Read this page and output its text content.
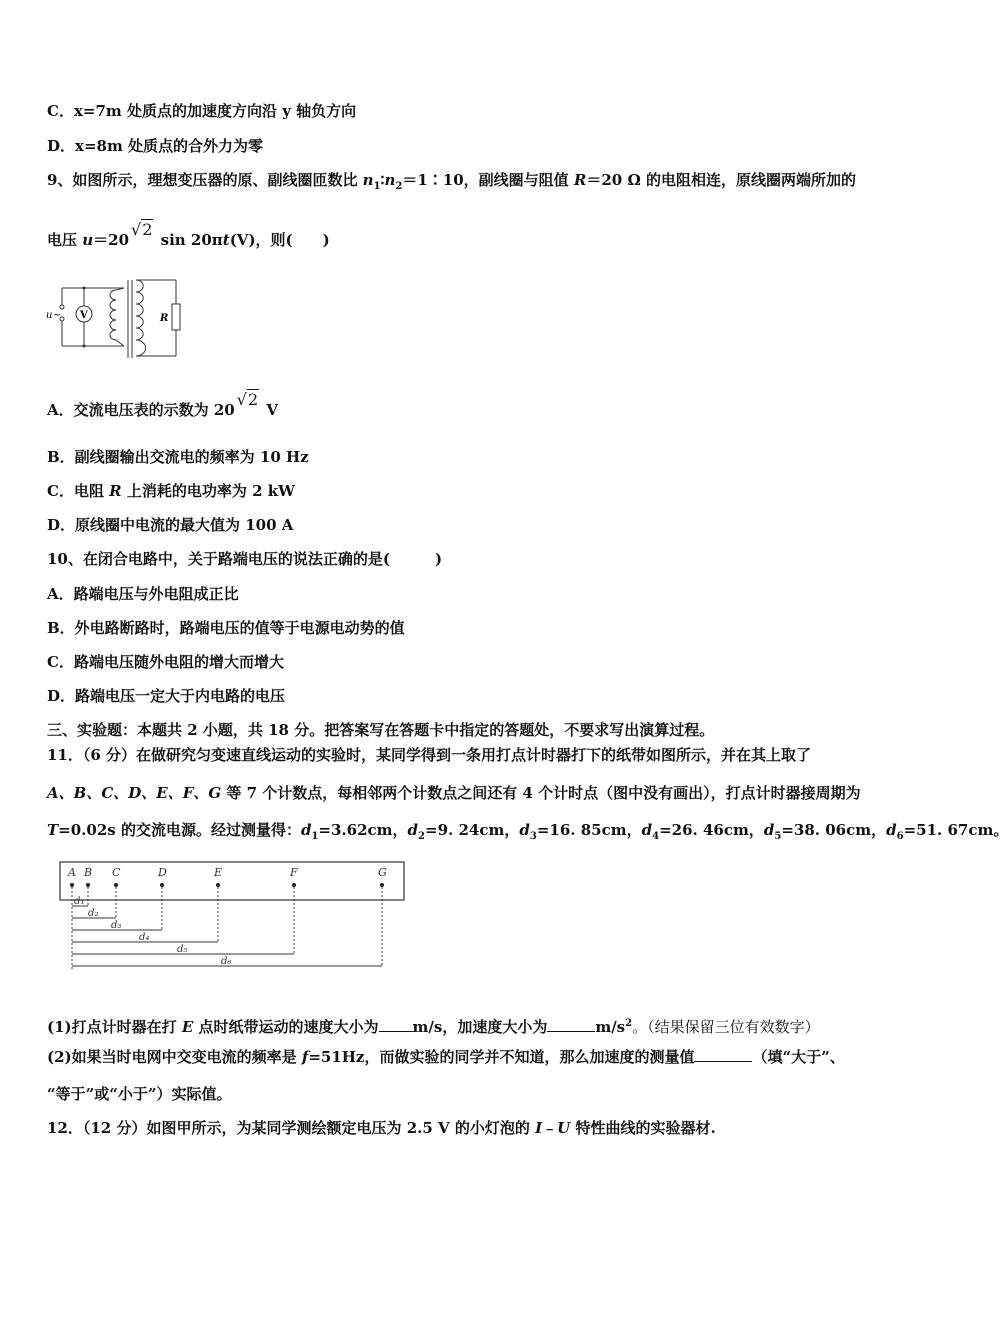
C．x=7m 处质点的加速度方向沿 y 轴负方向
D．x=8m 处质点的合外力为零
9、如图所示，理想变压器的原、副线圈匝数比 $n_1∶n_2=1∶10$，副线圈与阻值 R＝20 Ω 的电阻相连，原线圈两端所加的
电压 u＝20√2 sin 20πt(V)，则(　　)
u ~ V	R
A．交流电压表的示数为 20√2 V
B．副线圈输出交流电的频率为 10 Hz
C．电阻 R 上消耗的电功率为 2 kW
D．原线圈中电流的最大值为 100 A
10、在闭合电路中，关于路端电压的说法正确的是(　　　)
A．路端电压与外电阻成正比
B．外电路断路时，路端电压的值等于电源电动势的值
C．路端电压随外电阻的增大而增大
D．路端电压一定大于内电路的电压
三、实验题：本题共 2 小题，共 18 分。把答案写在答题卡中指定的答题处，不要求写出演算过程。
11．（6 分）在做研究匀变速直线运动的实验时，某同学得到一条用打点计时器打下的纸带如图所示，并在其上取了
A、B、C、D、E、F、G 等 7 个计数点，每相邻两个计数点之间还有 4 个计时点（图中没有画出），打点计时器接周期为
T=0.02s 的交流电源。经过测量得：$d_1=3.62cm$，$d_2=9$. 24cm，$d_3=16$. 85cm，$d_4=26$. 46cm，$d_5=38$. 06cm，$d_6=51$. 67cm。
A B C	D	E	F	G
d₁
d₂
d₃
d₄
d₅
d₆
(1)打点计时器在打 E 点时纸带运动的速度大小为 m/s，加速度大小为	$m/s^2$。（结果保留三位有效数字）
(2)如果当时电网中交变电流的频率是 f=51Hz，而做实验的同学并不知道，那么加速度的测量值	（填“大于”、
“等于”或“小于”）实际值。
12．（12 分）如图甲所示，为某同学测绘额定电压为 2.5 V 的小灯泡的 I﹣U 特性曲线的实验器材.
